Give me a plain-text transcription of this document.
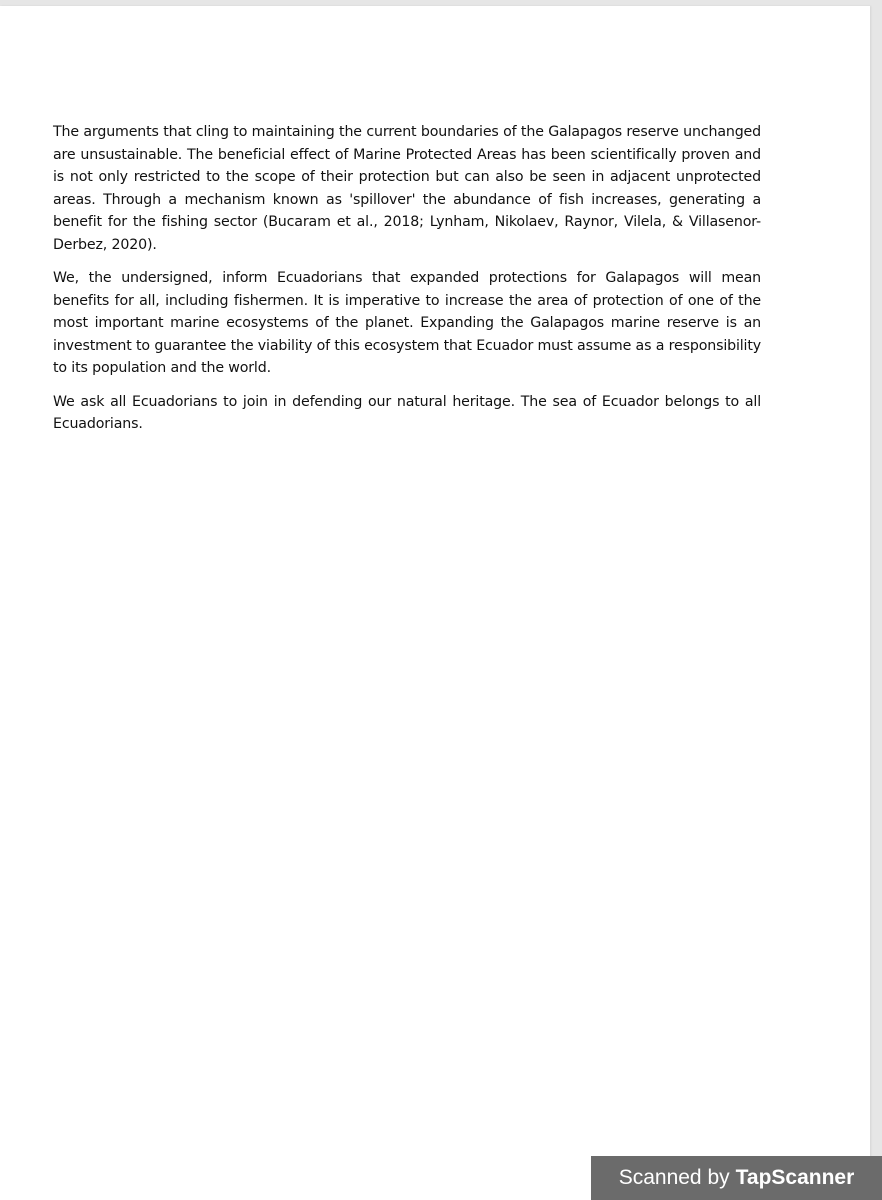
The arguments that cling to maintaining the current boundaries of the Galapagos reserve unchanged are unsustainable. The beneficial effect of Marine Protected Areas has been scientifically proven and is not only restricted to the scope of their protection but can also be seen in adjacent unprotected areas. Through a mechanism known as 'spillover' the abundance of fish increases, generating a benefit for the fishing sector (Bucaram et al., 2018; Lynham, Nikolaev, Raynor, Vilela, & Villasenor-Derbez, 2020).

We, the undersigned, inform Ecuadorians that expanded protections for Galapagos will mean benefits for all, including fishermen. It is imperative to increase the area of protection of one of the most important marine ecosystems of the planet. Expanding the Galapagos marine reserve is an investment to guarantee the viability of this ecosystem that Ecuador must assume as a responsibility to its population and the world.

We ask all Ecuadorians to join in defending our natural heritage. The sea of Ecuador belongs to all Ecuadorians.

Scanned by TapScanner
